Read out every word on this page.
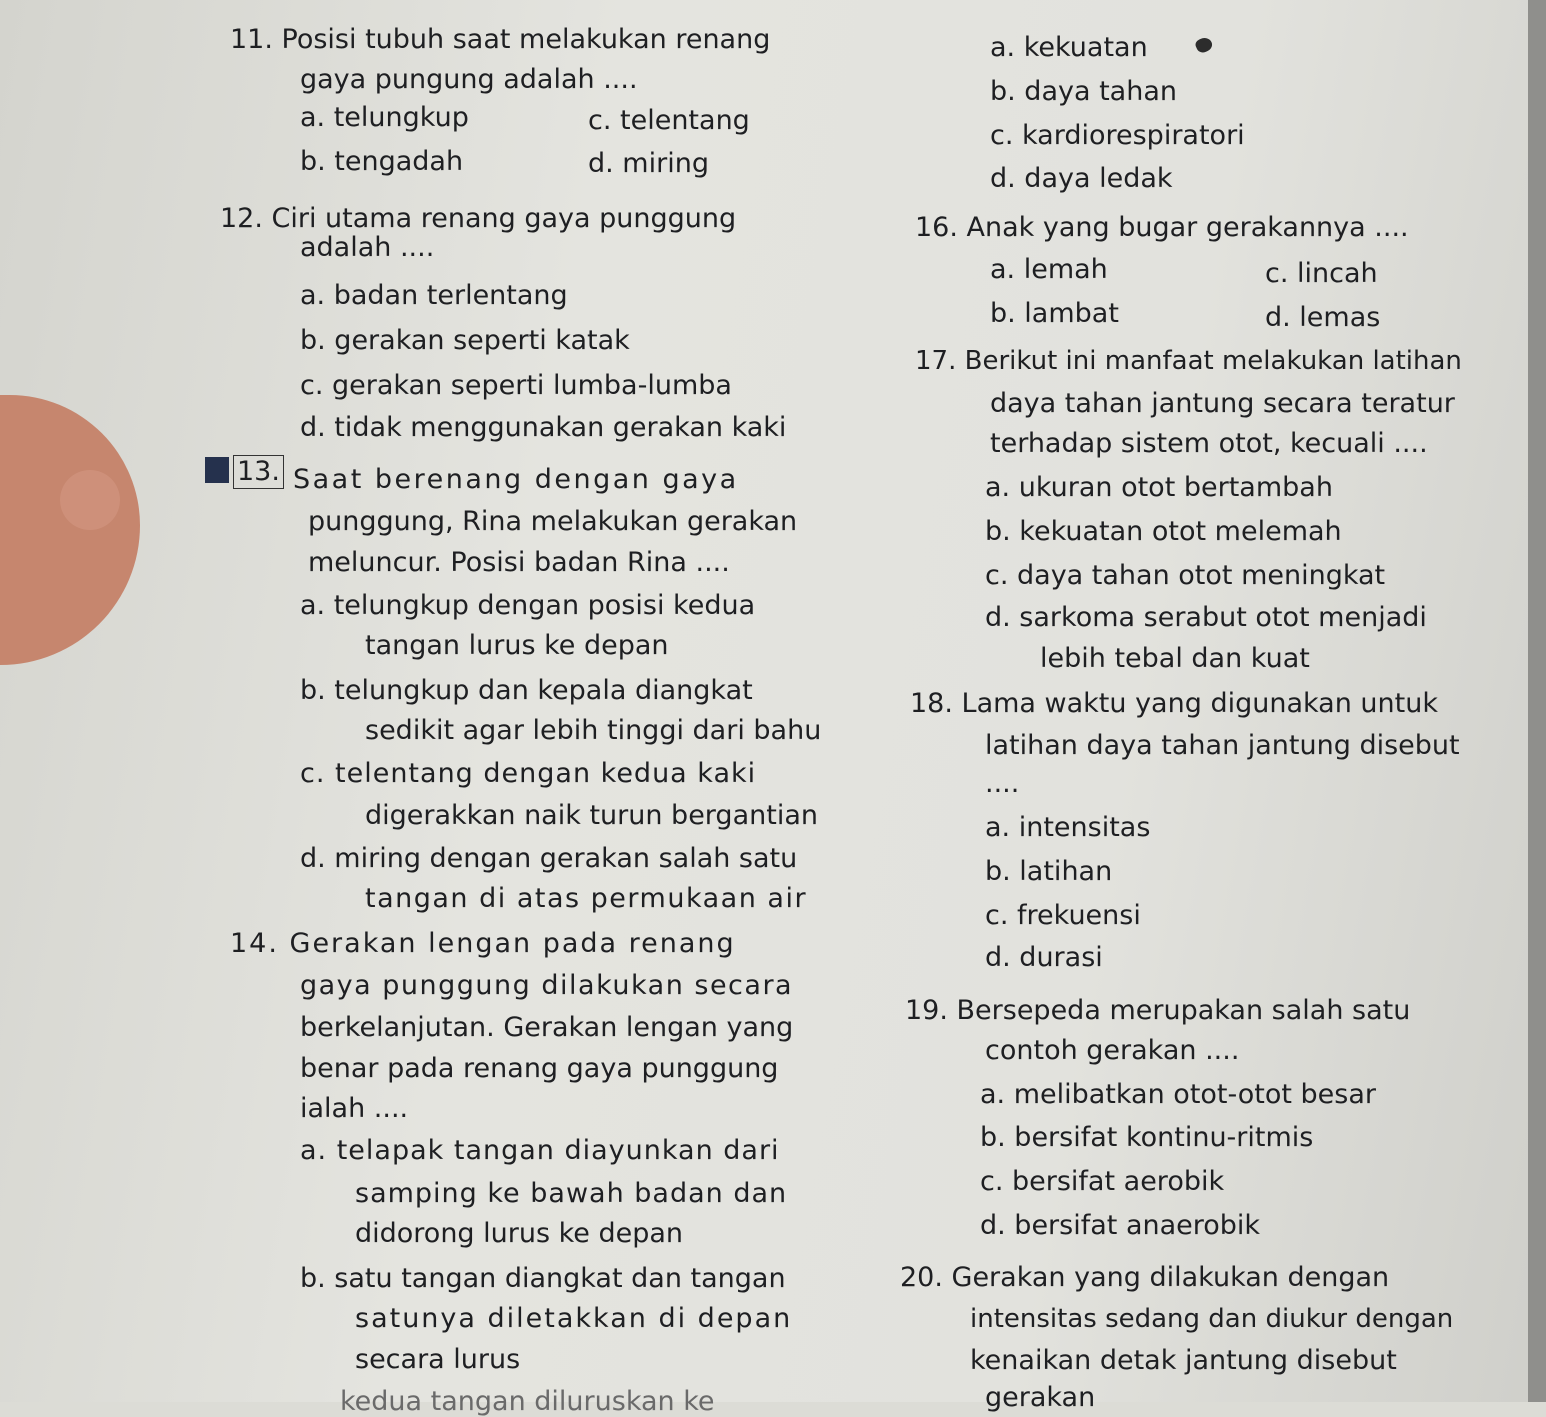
11. Posisi tubuh saat melakukan renang
gaya pungung adalah ....
a. telungkup	c. telentang
b. tengadah	d. miring
12. Ciri utama renang gaya punggung
adalah ....
a. badan terlentang
b. gerakan seperti katak
c. gerakan seperti lumba-lumba
d. tidak menggunakan gerakan kaki
13. Saat berenang dengan gaya
punggung, Rina melakukan gerakan
meluncur. Posisi badan Rina ....
a. telungkup dengan posisi kedua
tangan lurus ke depan
b. telungkup dan kepala diangkat
sedikit agar lebih tinggi dari bahu
c. telentang dengan kedua kaki
digerakkan naik turun bergantian
d. miring dengan gerakan salah satu
tangan di atas permukaan air
14. Gerakan lengan pada renang
gaya punggung dilakukan secara
berkelanjutan. Gerakan lengan yang
benar pada renang gaya punggung
ialah ....
a. telapak tangan diayunkan dari
samping ke bawah badan dan
didorong lurus ke depan
b. satu tangan diangkat dan tangan
satunya diletakkan di depan
secara lurus
kedua tangan diluruskan ke
a. kekuatan
b. daya tahan
c. kardiorespiratori
d. daya ledak
16. Anak yang bugar gerakannya ....
a. lemah	c. lincah
b. lambat	d. lemas
17. Berikut ini manfaat melakukan latihan
daya tahan jantung secara teratur
terhadap sistem otot, kecuali ....
a. ukuran otot bertambah
b. kekuatan otot melemah
c. daya tahan otot meningkat
d. sarkoma serabut otot menjadi
lebih tebal dan kuat
18. Lama waktu yang digunakan untuk
latihan daya tahan jantung disebut
....
a. intensitas
b. latihan
c. frekuensi
d. durasi
19. Bersepeda merupakan salah satu
contoh gerakan ....
a. melibatkan otot-otot besar
b. bersifat kontinu-ritmis
c. bersifat aerobik
d. bersifat anaerobik
20. Gerakan yang dilakukan dengan
intensitas sedang dan diukur dengan
kenaikan detak jantung disebut
gerakan
